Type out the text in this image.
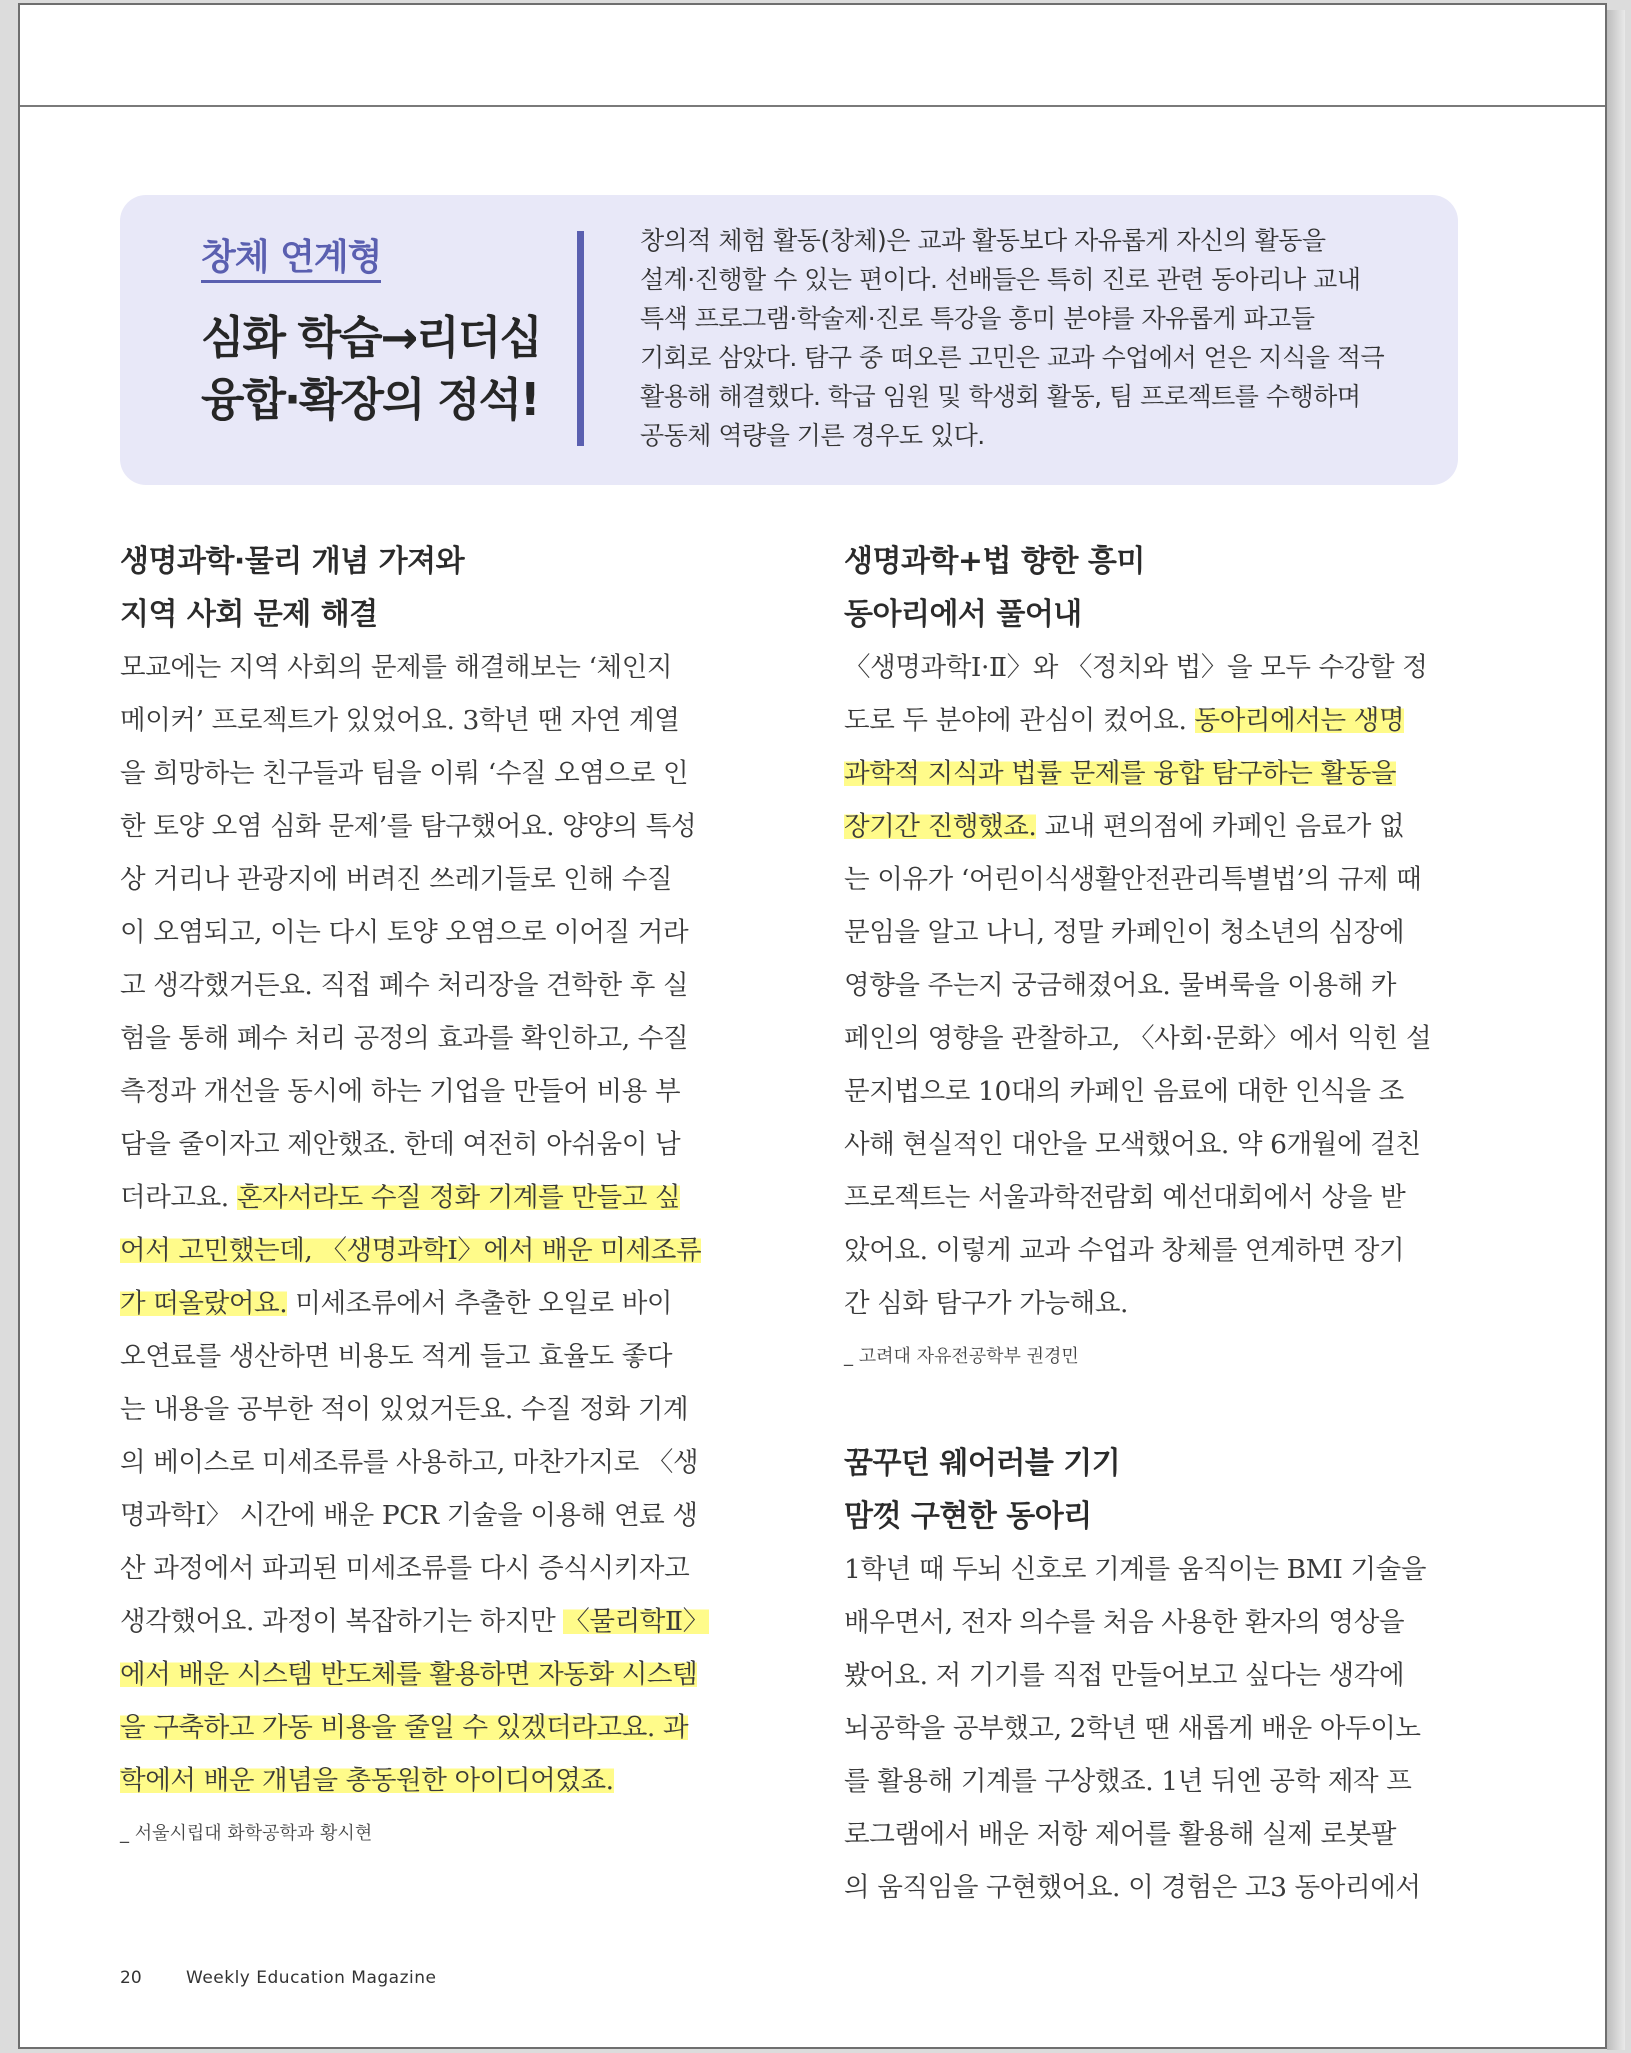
창체 연계형
심화 학습→리더십
융합·확장의 정석!
창의적 체험 활동(창체)은 교과 활동보다 자유롭게 자신의 활동을
설계·진행할 수 있는 편이다. 선배들은 특히 진로 관련 동아리나 교내
특색 프로그램·학술제·진로 특강을 흥미 분야를 자유롭게 파고들
기회로 삼았다. 탐구 중 떠오른 고민은 교과 수업에서 얻은 지식을 적극
활용해 해결했다. 학급 임원 및 학생회 활동, 팀 프로젝트를 수행하며
공동체 역량을 기른 경우도 있다.
생명과학·물리 개념 가져와
지역 사회 문제 해결
모교에는 지역 사회의 문제를 해결해보는 ‘체인지
메이커’ 프로젝트가 있었어요. 3학년 땐 자연 계열
을 희망하는 친구들과 팀을 이뤄 ‘수질 오염으로 인
한 토양 오염 심화 문제’를 탐구했어요. 양양의 특성
상 거리나 관광지에 버려진 쓰레기들로 인해 수질
이 오염되고, 이는 다시 토양 오염으로 이어질 거라
고 생각했거든요. 직접 폐수 처리장을 견학한 후 실
험을 통해 폐수 처리 공정의 효과를 확인하고, 수질
측정과 개선을 동시에 하는 기업을 만들어 비용 부
담을 줄이자고 제안했죠. 한데 여전히 아쉬움이 남
더라고요. 혼자서라도 수질 정화 기계를 만들고 싶
어서 고민했는데, 〈생명과학Ⅰ〉에서 배운 미세조류
가 떠올랐어요. 미세조류에서 추출한 오일로 바이
오연료를 생산하면 비용도 적게 들고 효율도 좋다
는 내용을 공부한 적이 있었거든요. 수질 정화 기계
의 베이스로 미세조류를 사용하고, 마찬가지로 〈생
명과학Ⅰ〉 시간에 배운 PCR 기술을 이용해 연료 생
산 과정에서 파괴된 미세조류를 다시 증식시키자고
생각했어요. 과정이 복잡하기는 하지만 〈물리학Ⅱ〉
에서 배운 시스템 반도체를 활용하면 자동화 시스템
을 구축하고 가동 비용을 줄일 수 있겠더라고요. 과
학에서 배운 개념을 총동원한 아이디어였죠.
_ 서울시립대 화학공학과 황시현
생명과학+법 향한 흥미
동아리에서 풀어내
〈생명과학Ⅰ·Ⅱ〉와 〈정치와 법〉을 모두 수강할 정
도로 두 분야에 관심이 컸어요. 동아리에서는 생명
과학적 지식과 법률 문제를 융합 탐구하는 활동을
장기간 진행했죠. 교내 편의점에 카페인 음료가 없
는 이유가 ‘어린이식생활안전관리특별법’의 규제 때
문임을 알고 나니, 정말 카페인이 청소년의 심장에
영향을 주는지 궁금해졌어요. 물벼룩을 이용해 카
페인의 영향을 관찰하고, 〈사회·문화〉에서 익힌 설
문지법으로 10대의 카페인 음료에 대한 인식을 조
사해 현실적인 대안을 모색했어요. 약 6개월에 걸친
프로젝트는 서울과학전람회 예선대회에서 상을 받
았어요. 이렇게 교과 수업과 창체를 연계하면 장기
간 심화 탐구가 가능해요.
_ 고려대 자유전공학부 권경민
꿈꾸던 웨어러블 기기
맘껏 구현한 동아리
1학년 때 두뇌 신호로 기계를 움직이는 BMI 기술을
배우면서, 전자 의수를 처음 사용한 환자의 영상을
봤어요. 저 기기를 직접 만들어보고 싶다는 생각에
뇌공학을 공부했고, 2학년 땐 새롭게 배운 아두이노
를 활용해 기계를 구상했죠. 1년 뒤엔 공학 제작 프
로그램에서 배운 저항 제어를 활용해 실제 로봇팔
의 움직임을 구현했어요. 이 경험은 고3 동아리에서
20	Weekly Education Magazine
